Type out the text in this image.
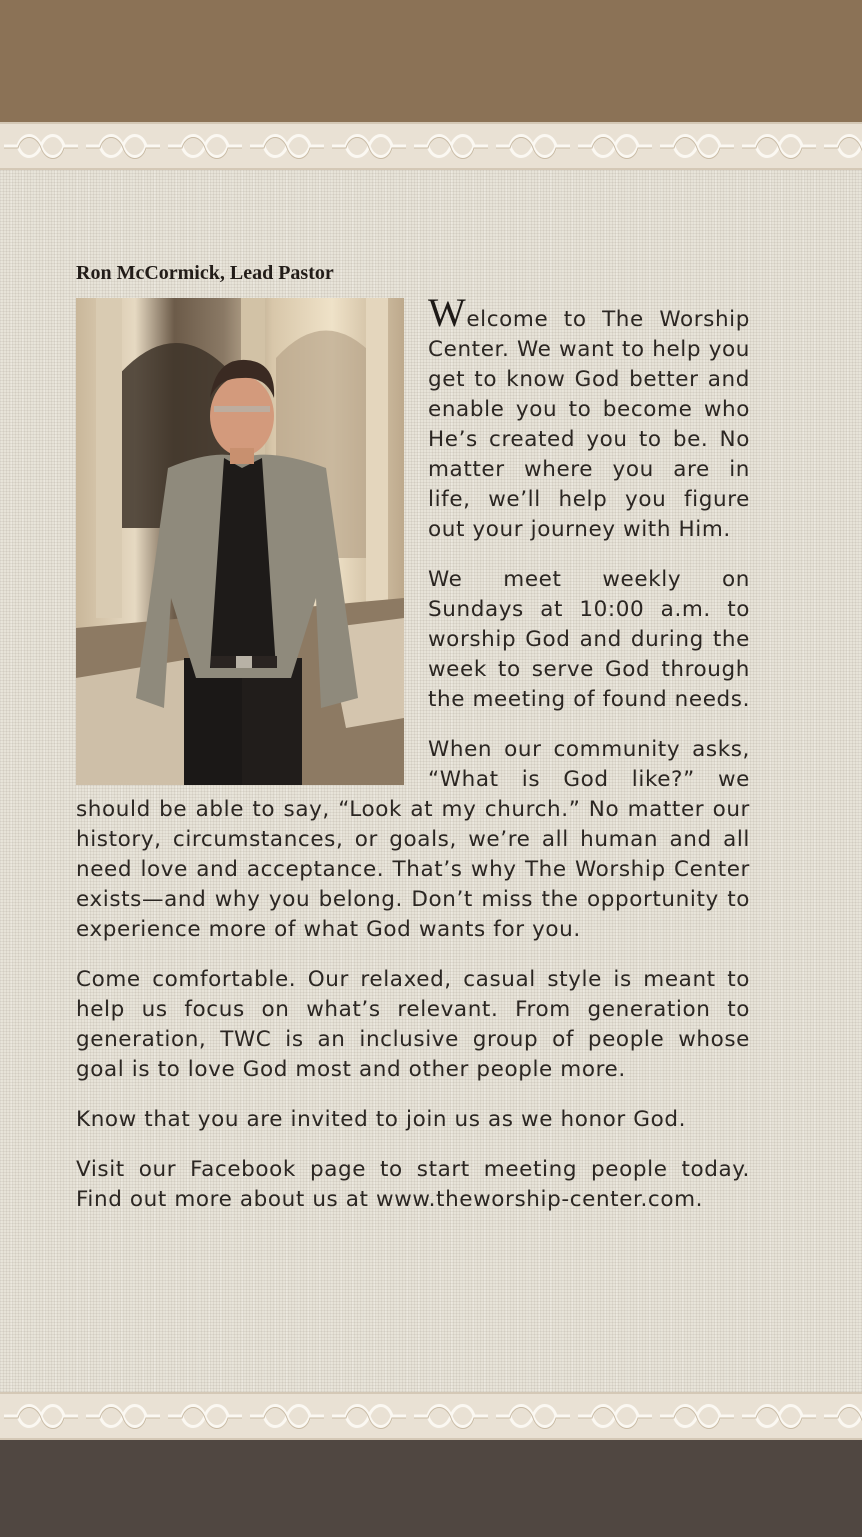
Ron McCormick, Lead Pastor

Welcome to The Worship Center. We want to help you get to know God better and enable you to become who He’s created you to be. No matter where you are in life, we’ll help you figure out your journey with Him.

We meet weekly on Sundays at 10:00 a.m. to worship God and during the week to serve God through the meeting of found needs.

When our community asks, “What is God like?” we should be able to say, “Look at my church.” No matter our history, circumstances, or goals, we’re all human and all need love and acceptance. That’s why The Worship Center exists—and why you belong. Don’t miss the opportunity to experience more of what God wants for you.

Come comfortable. Our relaxed, casual style is meant to help us focus on what’s relevant. From generation to generation, TWC is an inclusive group of people whose goal is to love God most and other people more.

Know that you are invited to join us as we honor God.

Visit our Facebook page to start meeting people today. Find out more about us at www.theworship-center.com.
